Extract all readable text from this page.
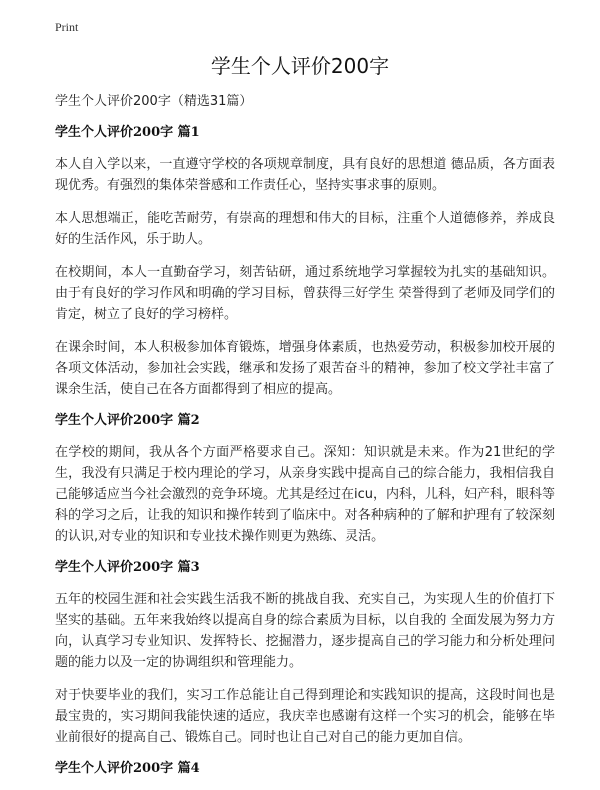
Print
学生个人评价200字

学生个人评价200字（精选31篇）

学生个人评价200字 篇1

本人自入学以来，一直遵守学校的各项规章制度，具有良好的思想道 德品质，各方面表现优秀。有强烈的集体荣誉感和工作责任心，坚持实事求事的原则。

本人思想端正，能吃苦耐劳，有崇高的理想和伟大的目标，注重个人道德修养，养成良好的生活作风，乐于助人。

在校期间，本人一直勤奋学习，刻苦钻研，通过系统地学习掌握较为扎实的基础知识。由于有良好的学习作风和明确的学习目标，曾获得三好学生 荣誉得到了老师及同学们的肯定，树立了良好的学习榜样。

在课余时间，本人积极参加体育锻炼，增强身体素质，也热爱劳动，积极参加校开展的各项文体活动，参加社会实践，继承和发扬了艰苦奋斗的精神，参加了校文学社丰富了课余生活，使自己在各方面都得到了相应的提高。

学生个人评价200字 篇2

在学校的期间，我从各个方面严格要求自己。深知：知识就是未来。作为21世纪的学生，我没有只满足于校内理论的学习，从亲身实践中提高自己的综合能力，我相信我自己能够适应当今社会激烈的竞争环境。尤其是经过在icu，内科，儿科，妇产科，眼科等科的学习之后，让我的知识和操作转到了临床中。对各种病种的了解和护理有了较深刻的认识,对专业的知识和专业技术操作则更为熟练、灵活。

学生个人评价200字 篇3

五年的校园生涯和社会实践生活我不断的挑战自我、充实自己，为实现人生的价值打下坚实的基础。五年来我始终以提高自身的综合素质为目标，以自我的 全面发展为努力方向，认真学习专业知识、发挥特长、挖掘潜力，逐步提高自己的学习能力和分析处理问题的能力以及一定的协调组织和管理能力。

对于快要毕业的我们，实习工作总能让自己得到理论和实践知识的提高，这段时间也是最宝贵的，实习期间我能快速的适应，我庆幸也感谢有这样一个实习的机会，能够在毕业前很好的提高自己、锻炼自己。同时也让自己对自己的能力更加自信。

学生个人评价200字 篇4
